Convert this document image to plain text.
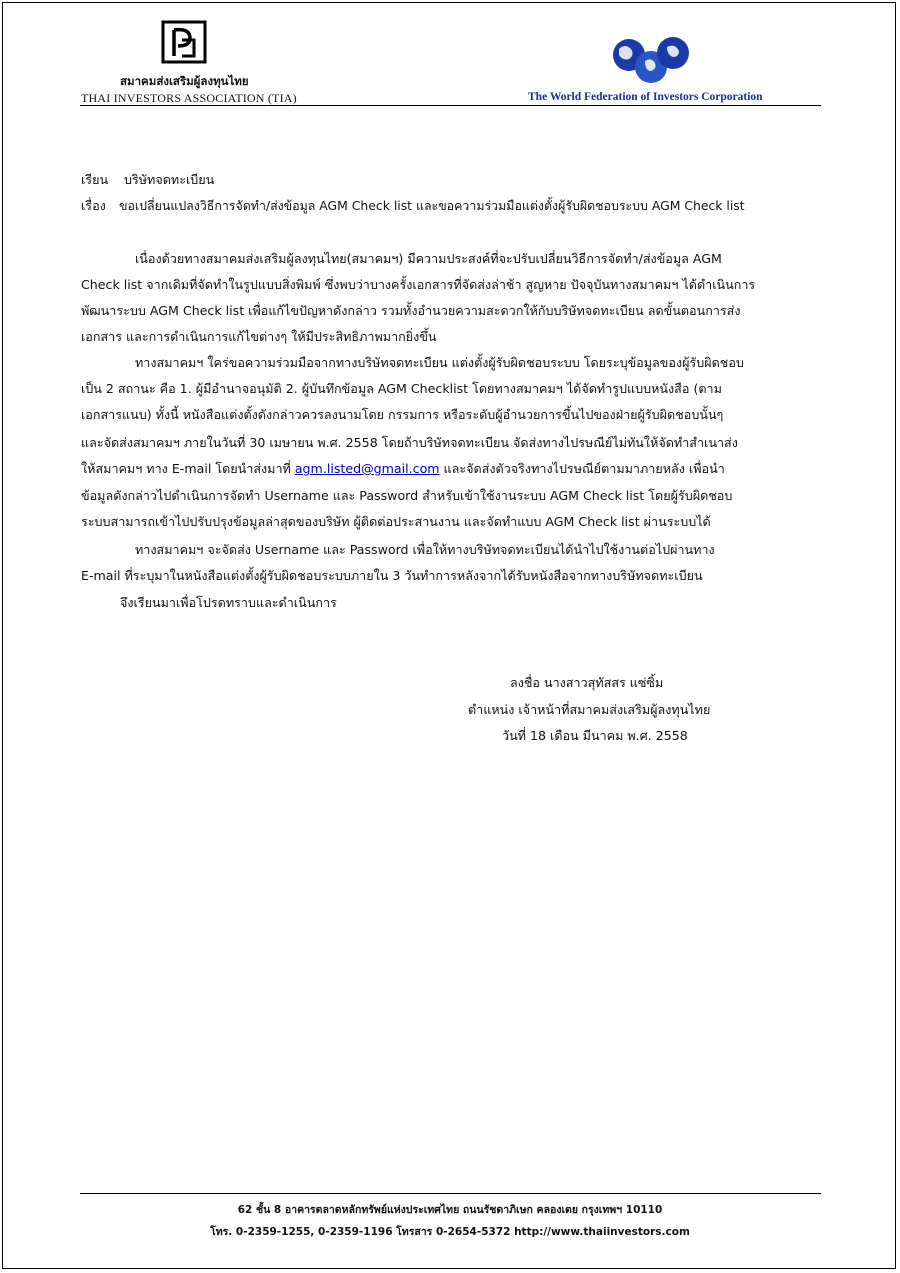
สมาคมส่งเสริมผู้ลงทุนไทย
THAI INVESTORS ASSOCIATION (TIA)	The World Federation of Investors Corporation
เรียน บริษัทจดทะเบียน
เรื่อง ขอเปลี่ยนแปลงวิธีการจัดทำ/ส่งข้อมูล AGM Check list และขอความร่วมมือแต่งตั้งผู้รับผิดชอบระบบ AGM Check list
เนื่องด้วยทางสมาคมส่งเสริมผู้ลงทุนไทย(สมาคมฯ) มีความประสงค์ที่จะปรับเปลี่ยนวิธีการจัดทำ/ส่งข้อมูล AGM
Check list จากเดิมที่จัดทำในรูปแบบสิ่งพิมพ์ ซึ่งพบว่าบางครั้งเอกสารที่จัดส่งล่าช้า สูญหาย ปัจจุบันทางสมาคมฯ ได้ดำเนินการ
พัฒนาระบบ AGM Check list เพื่อแก้ไขปัญหาดังกล่าว รวมทั้งอำนวยความสะดวกให้กับบริษัทจดทะเบียน ลดขั้นตอนการส่ง
เอกสาร และการดำเนินการแก้ไขต่างๆ ให้มีประสิทธิภาพมากยิ่งขึ้น
ทางสมาคมฯ ใคร่ขอความร่วมมือจากทางบริษัทจดทะเบียน แต่งตั้งผู้รับผิดชอบระบบ โดยระบุข้อมูลของผู้รับผิดชอบ
เป็น 2 สถานะ คือ 1. ผู้มีอำนาจอนุมัติ 2. ผู้บันทึกข้อมูล AGM Checklist โดยทางสมาคมฯ ได้จัดทำรูปแบบหนังสือ (ตาม
เอกสารแนบ) ทั้งนี้ หนังสือแต่งตั้งดังกล่าวควรลงนามโดย กรรมการ หรือระดับผู้อำนวยการขึ้นไปของฝ่ายผู้รับผิดชอบนั้นๆ
และจัดส่งสมาคมฯ ภายในวันที่ 30 เมษายน พ.ศ. 2558 โดยถ้าบริษัทจดทะเบียน จัดส่งทางไปรษณีย์ไม่ทันให้จัดทำสำเนาส่ง
ให้สมาคมฯ ทาง E-mail โดยนำส่งมาที่ agm.listed@gmail.com และจัดส่งตัวจริงทางไปรษณีย์ตามมาภายหลัง เพื่อนำ
ข้อมูลดังกล่าวไปดำเนินการจัดทำ Username และ Password สำหรับเข้าใช้งานระบบ AGM Check list โดยผู้รับผิดชอบ
ระบบสามารถเข้าไปปรับปรุงข้อมูลล่าสุดของบริษัท ผู้ติดต่อประสานงาน และจัดทำแบบ AGM Check list ผ่านระบบได้
ทางสมาคมฯ จะจัดส่ง Username และ Password เพื่อให้ทางบริษัทจดทะเบียนได้นำไปใช้งานต่อไปผ่านทาง
E-mail ที่ระบุมาในหนังสือแต่งตั้งผู้รับผิดชอบระบบภายใน 3 วันทำการหลังจากได้รับหนังสือจากทางบริษัทจดทะเบียน
จึงเรียนมาเพื่อโปรดทราบและดำเนินการ
ลงชื่อ นางสาวสุทัสสร แซ่ซิ้ม
ตำแหน่ง เจ้าหน้าที่สมาคมส่งเสริมผู้ลงทุนไทย
วันที่ 18 เดือน มีนาคม พ.ศ. 2558
62 ชั้น 8 อาคารตลาดหลักทรัพย์แห่งประเทศไทย ถนนรัชดาภิเษก คลองเตย กรุงเทพฯ 10110
โทร. 0-2359-1255, 0-2359-1196 โทรสาร 0-2654-5372 http://www.thaiinvestors.com
